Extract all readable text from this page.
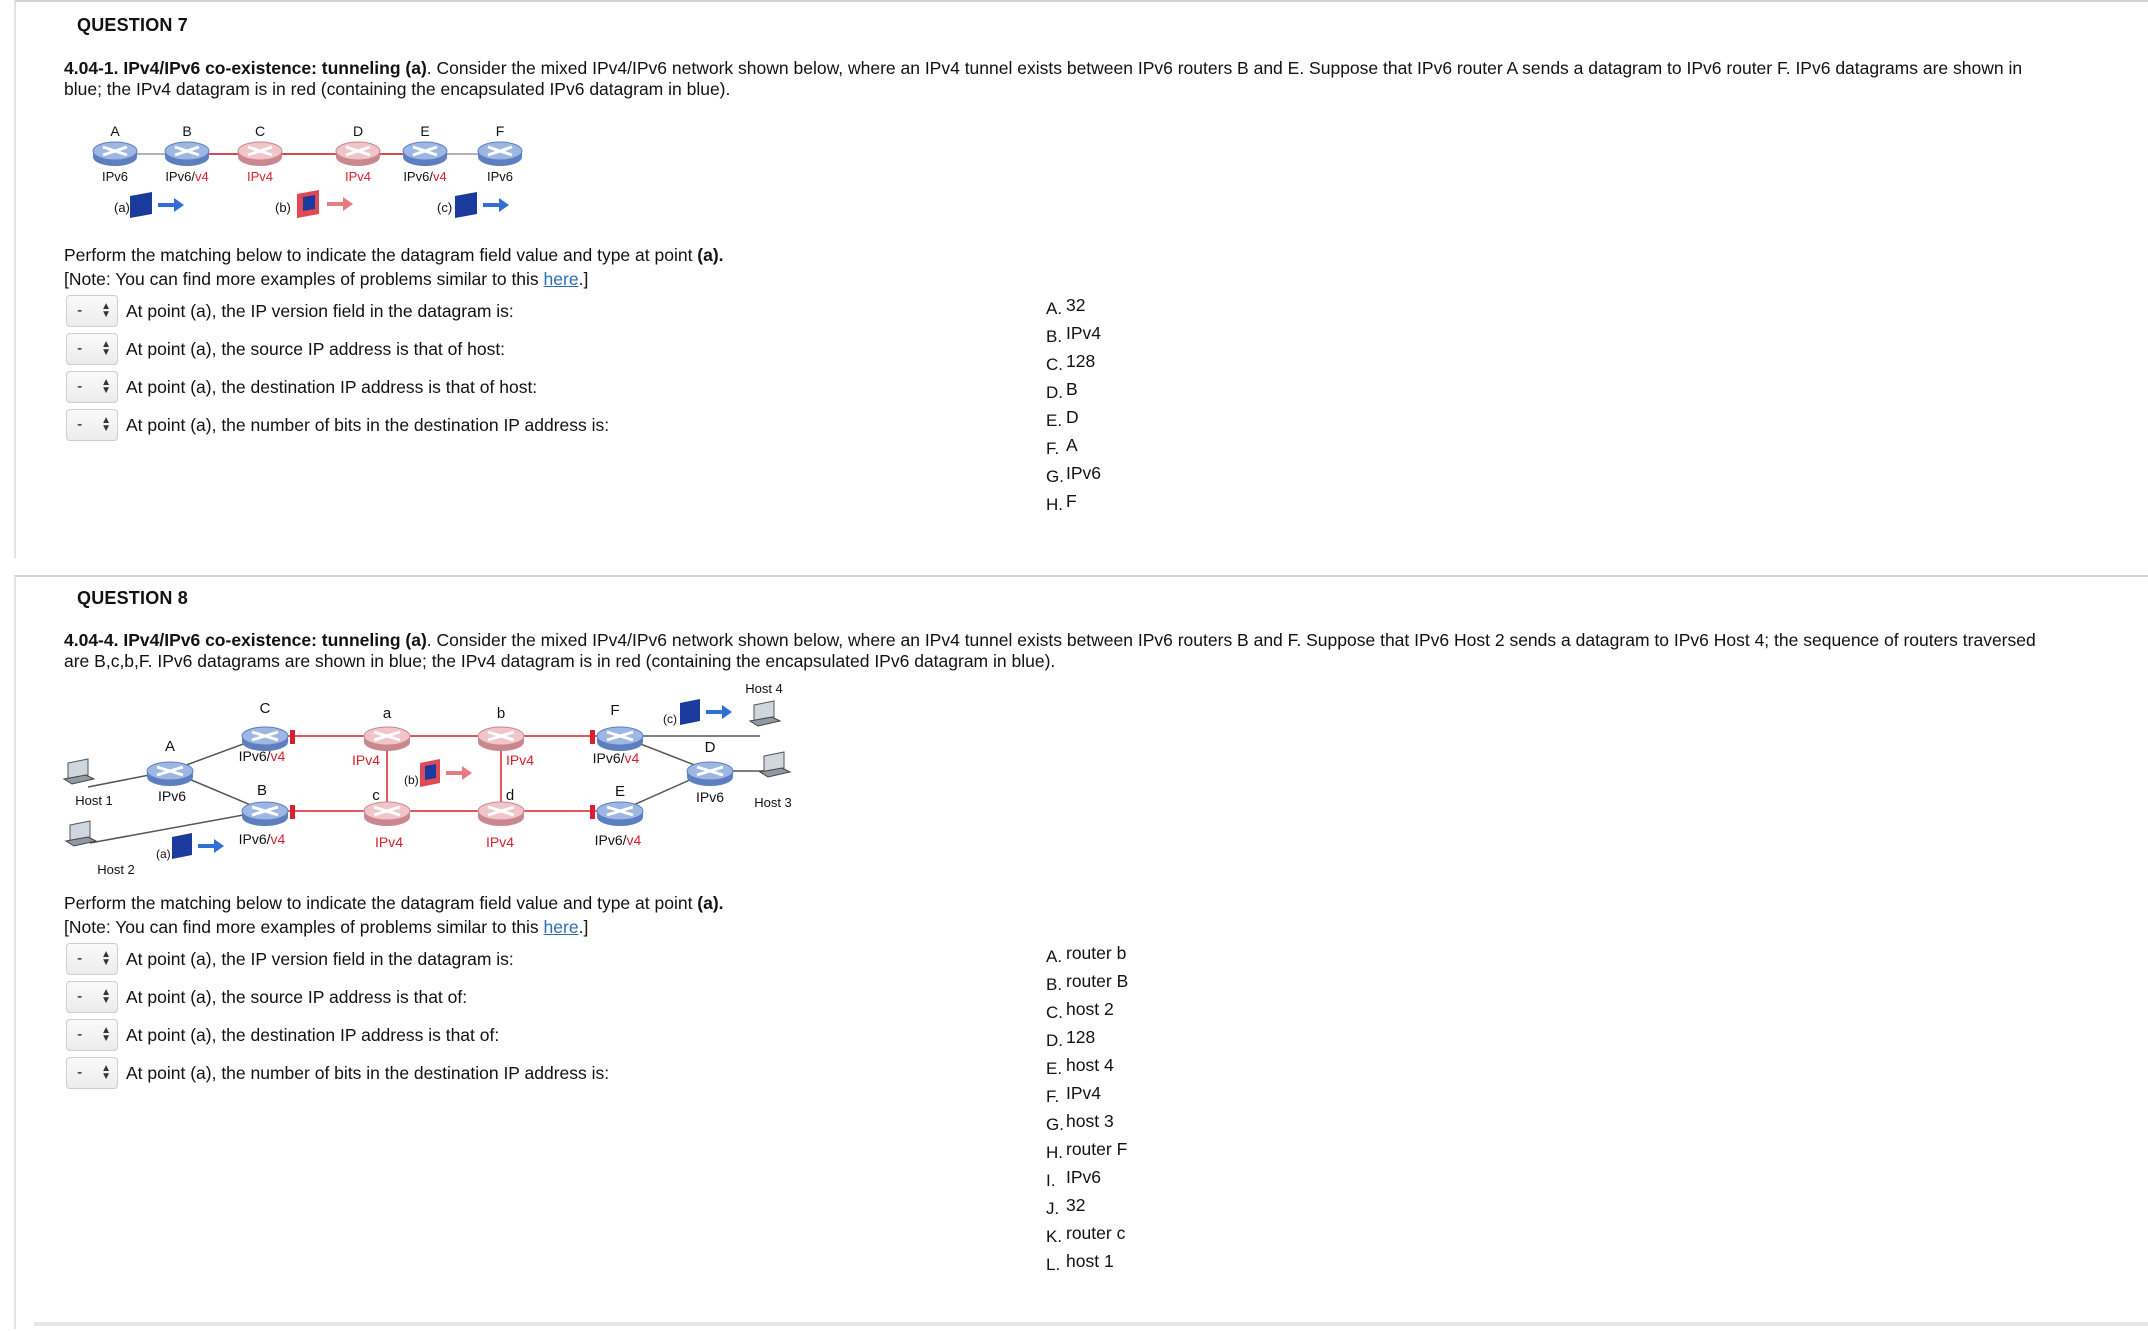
QUESTION 7
4.04-1. IPv4/IPv6 co-existence: tunneling (a). Consider the mixed IPv4/IPv6 network shown below, where an IPv4 tunnel exists between IPv6 routers B and E. Suppose that IPv6 router A sends a datagram to IPv6 router F. IPv6 datagrams are shown in blue; the IPv4 datagram is in red (containing the encapsulated IPv6 datagram in blue).
A	B	C	D	E	F
IPv6	IPv6/v4	IPv4	IPv4 IPv6/v4	IPv6
(a)	(b)	(c)
Perform the matching below to indicate the datagram field value and type at point (a).
[Note: You can find more examples of problems similar to this here.]
- ▲
▼ At point (a), the IP version field in the datagram is:
- ▲
▼ At point (a), the source IP address is that of host:
- ▲
▼ At point (a), the destination IP address is that of host:
- ▲
▼ At point (a), the number of bits in the destination IP address is:
A. 32
B. IPv4
C. 128
D. B
E. D
F. A
G. IPv6
H. F
QUESTION 8
4.04-4. IPv4/IPv6 co-existence: tunneling (a). Consider the mixed IPv4/IPv6 network shown below, where an IPv4 tunnel exists between IPv6 routers B and F. Suppose that IPv6 Host 2 sends a datagram to IPv6 Host 4; the sequence of routers traversed are B,c,b,F. IPv6 datagrams are shown in blue; the IPv4 datagram is in red (containing the encapsulated IPv6 datagram in blue).
A
C
B
a	b
c	d
F
E
D
Host 1
Host 2
Host 3
Host 4
IPv6
IPv6/v4
IPv6/v4
IPv4	IPv4
IPv4	IPv4
IPv6/v4
IPv6/v4
IPv6
(a)
(b)
(c)
Perform the matching below to indicate the datagram field value and type at point (a).
[Note: You can find more examples of problems similar to this here.]
- ▲
▼ At point (a), the IP version field in the datagram is:
- ▲
▼ At point (a), the source IP address is that of:
- ▲
▼ At point (a), the destination IP address is that of:
- ▲
▼ At point (a), the number of bits in the destination IP address is:
A. router b
B. router B
C. host 2
D. 128
E. host 4
F. IPv4
G. host 3
H. router F
I. IPv6
J. 32
K. router c
L. host 1
